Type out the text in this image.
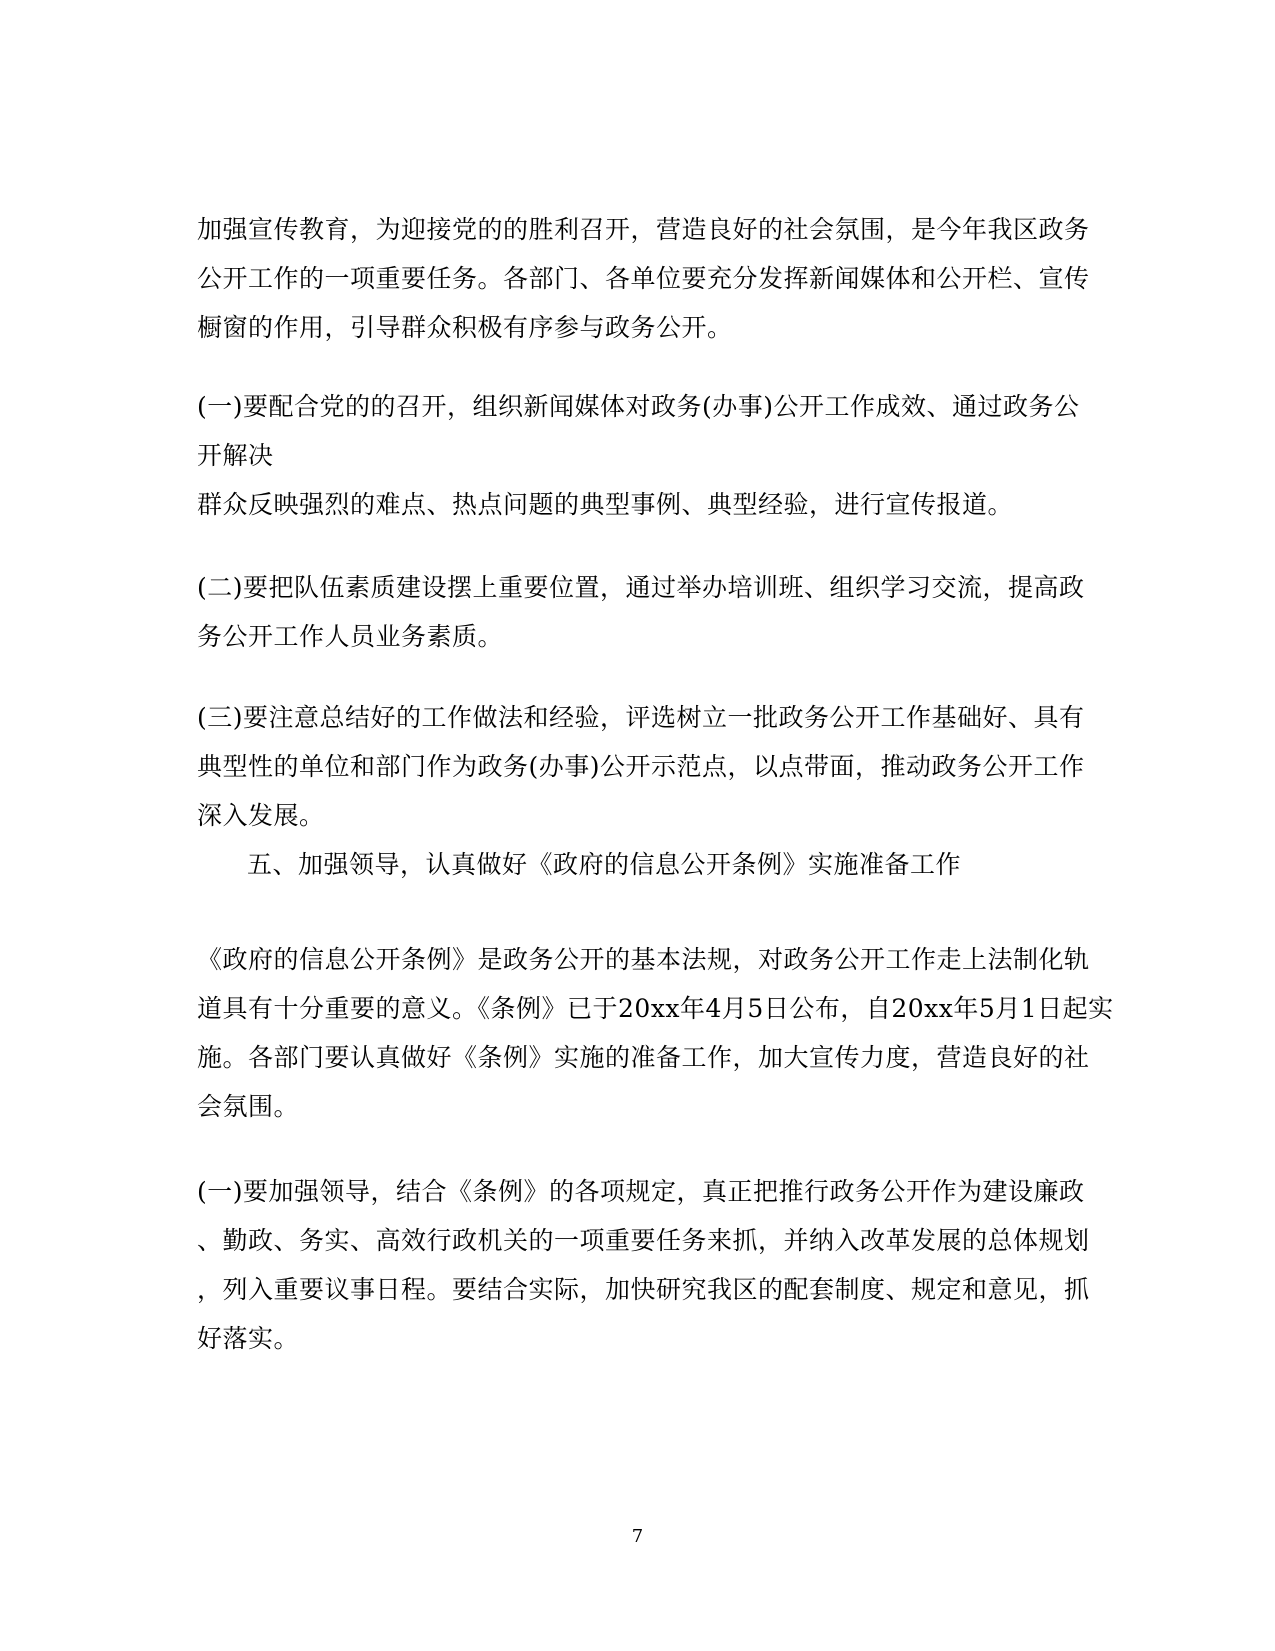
加强宣传教育，为迎接党的的胜利召开，营造良好的社会氛围，是今年我区政务
公开工作的一项重要任务。各部门、各单位要充分发挥新闻媒体和公开栏、宣传
橱窗的作用，引导群众积极有序参与政务公开。
(一)要配合党的的召开，组织新闻媒体对政务(办事)公开工作成效、通过政务公
开解决
群众反映强烈的难点、热点问题的典型事例、典型经验，进行宣传报道。
(二)要把队伍素质建设摆上重要位置，通过举办培训班、组织学习交流，提高政
务公开工作人员业务素质。
(三)要注意总结好的工作做法和经验，评选树立一批政务公开工作基础好、具有
典型性的单位和部门作为政务(办事)公开示范点，以点带面，推动政务公开工作
深入发展。
五、加强领导，认真做好《政府的信息公开条例》实施准备工作
《政府的信息公开条例》是政务公开的基本法规，对政务公开工作走上法制化轨
道具有十分重要的意义。《条例》已于20xx年4月5日公布，自20xx年5月1日起实
施。各部门要认真做好《条例》实施的准备工作，加大宣传力度，营造良好的社
会氛围。
(一)要加强领导，结合《条例》的各项规定，真正把推行政务公开作为建设廉政
、勤政、务实、高效行政机关的一项重要任务来抓，并纳入改革发展的总体规划
，列入重要议事日程。要结合实际，加快研究我区的配套制度、规定和意见，抓
好落实。
7
